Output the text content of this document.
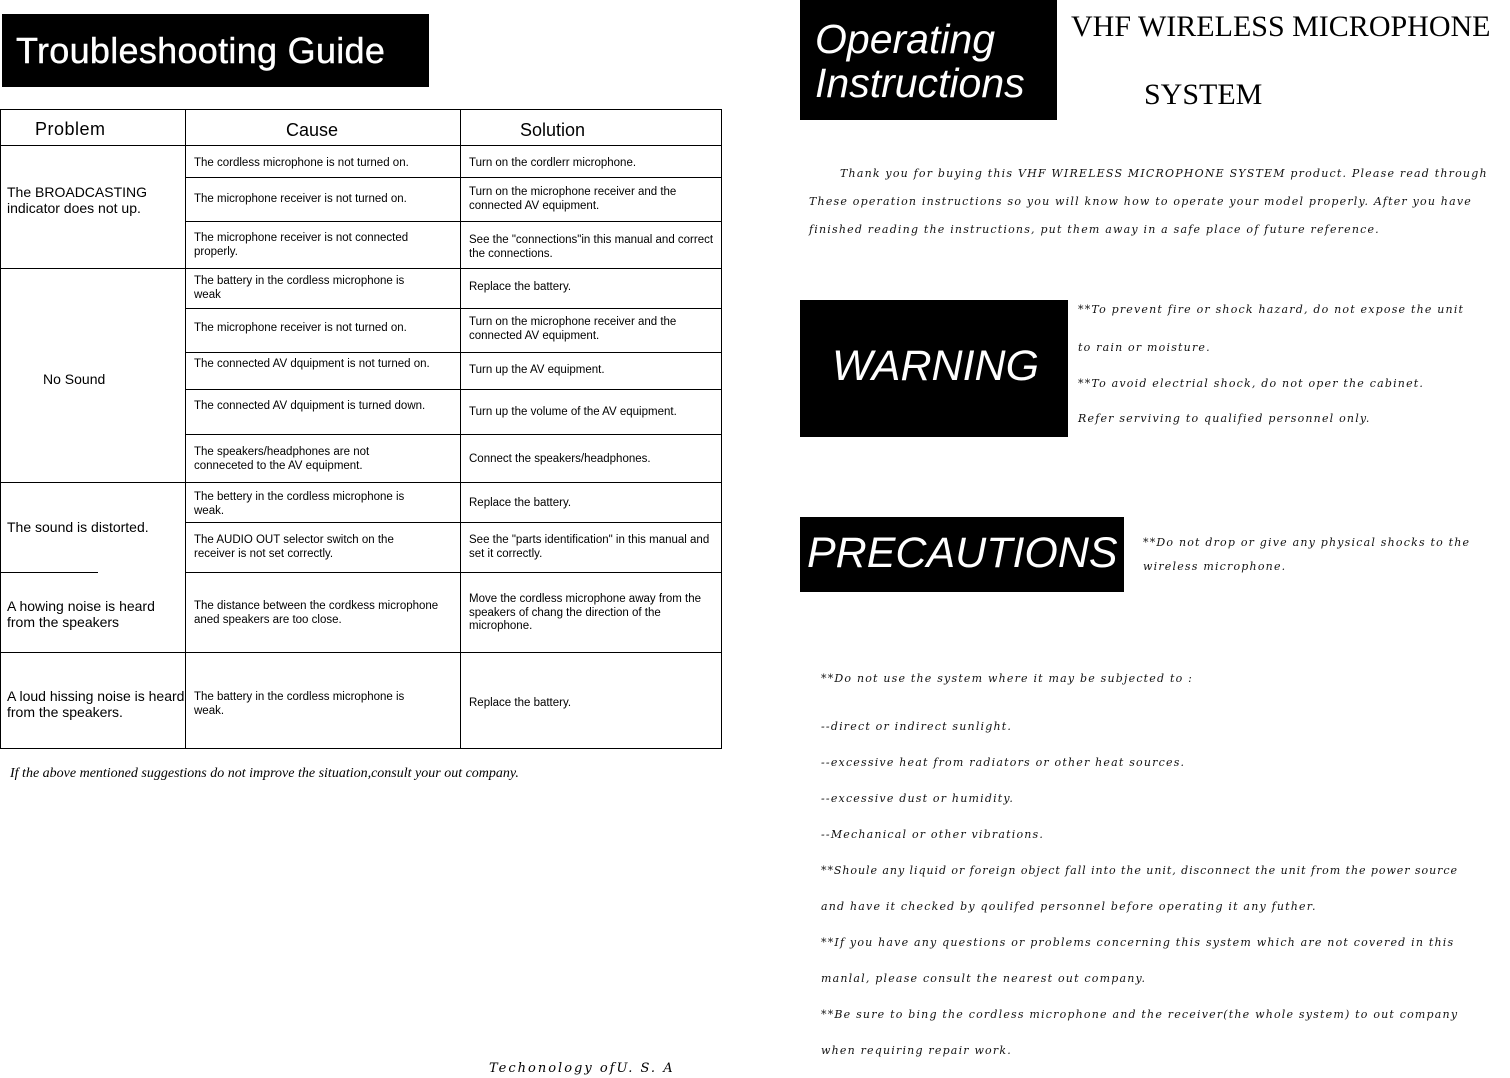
Troubleshooting Guide
Problem	Cause	Solution
The BROADCASTING indicator does not up.
No Sound
The sound is distorted.
A howing noise is heard from the speakers
A loud hissing noise is heard from the speakers.
The cordless microphone is not turned on.
The microphone receiver is not turned on.
The microphone receiver is not connected properly.
The battery in the cordless microphone is weak
The microphone receiver is not turned on.
The connected AV dquipment is not turned on.
The connected AV dquipment is turned down.
The speakers/headphones are not conneceted to the AV equipment.
The bettery in the cordless microphone is weak.
The AUDIO OUT selector switch on the receiver is not set correctly.
The distance between the cordkess microphone aned speakers are too close.
The battery in the cordless microphone is weak.
Turn on the cordlerr microphone.
Turn on the microphone receiver and the connected AV equipment.
See the "connections"in this manual and correct the connections.
Replace the battery.
Turn on the microphone receiver and the connected AV equipment.
Turn up the AV equipment.
Turn up the volume of the AV equipment.
Connect the speakers/headphones.
Replace the battery.
See the "parts identification" in this manual and set it correctly.
Move the cordless microphone away from the speakers of chang the direction of the microphone.
Replace the battery.
If the above mentioned suggestions do not improve the situation,consult your out company.
Techonology ofU. S. A
Operating
Instructions
VHF WIRELESS MICROPHONE
SYSTEM
Thank you for buying this VHF WIRELESS MICROPHONE SYSTEM product. Please read through
These operation instructions so you will know how to operate your model properly. After you have
finished reading the instructions, put them away in a safe place of future reference.
WARNING
**To prevent fire or shock hazard, do not expose the unit
to rain or moisture.
**To avoid electrial shock, do not oper the cabinet.
Refer serviving to qualified personnel only.
PRECAUTIONS **Do not drop or give any physical shocks to the
wireless microphone.
**Do not use the system where it may be subjected to :
--direct or indirect sunlight.
--excessive heat from radiators or other heat sources.
--excessive dust or humidity.
--Mechanical or other vibrations.
**Shoule any liquid or foreign object fall into the unit, disconnect the unit from the power source
and have it checked by qoulifed personnel before operating it any futher.
**If you have any questions or problems concerning this system which are not covered in this
manlal, please consult the nearest out company.
**Be sure to bing the cordless microphone and the receiver(the whole system) to out company
when requiring repair work.
